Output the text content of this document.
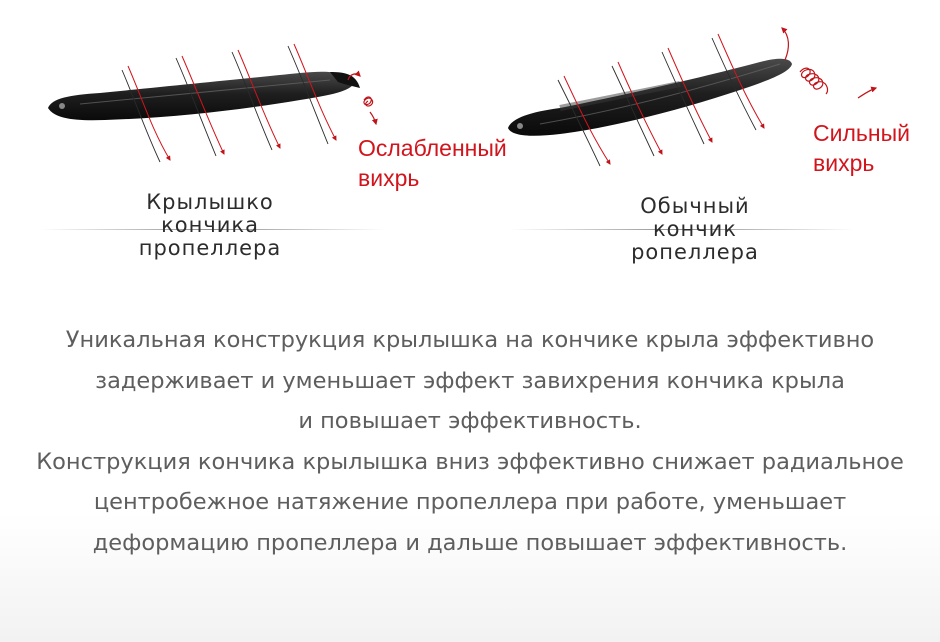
Крылышко
кончика
пропеллера
Обычный
кончик
ропеллера
Ослабленный
вихрь
Сильный
вихрь
Уникальная конструкция крылышка на кончике крыла эффективно
задерживает и уменьшает эффект завихрения кончика крыла
и повышает эффективность.
Конструкция кончика крылышка вниз эффективно снижает радиальное
центробежное натяжение пропеллера при работе, уменьшает
деформацию пропеллера и дальше повышает эффективность.
